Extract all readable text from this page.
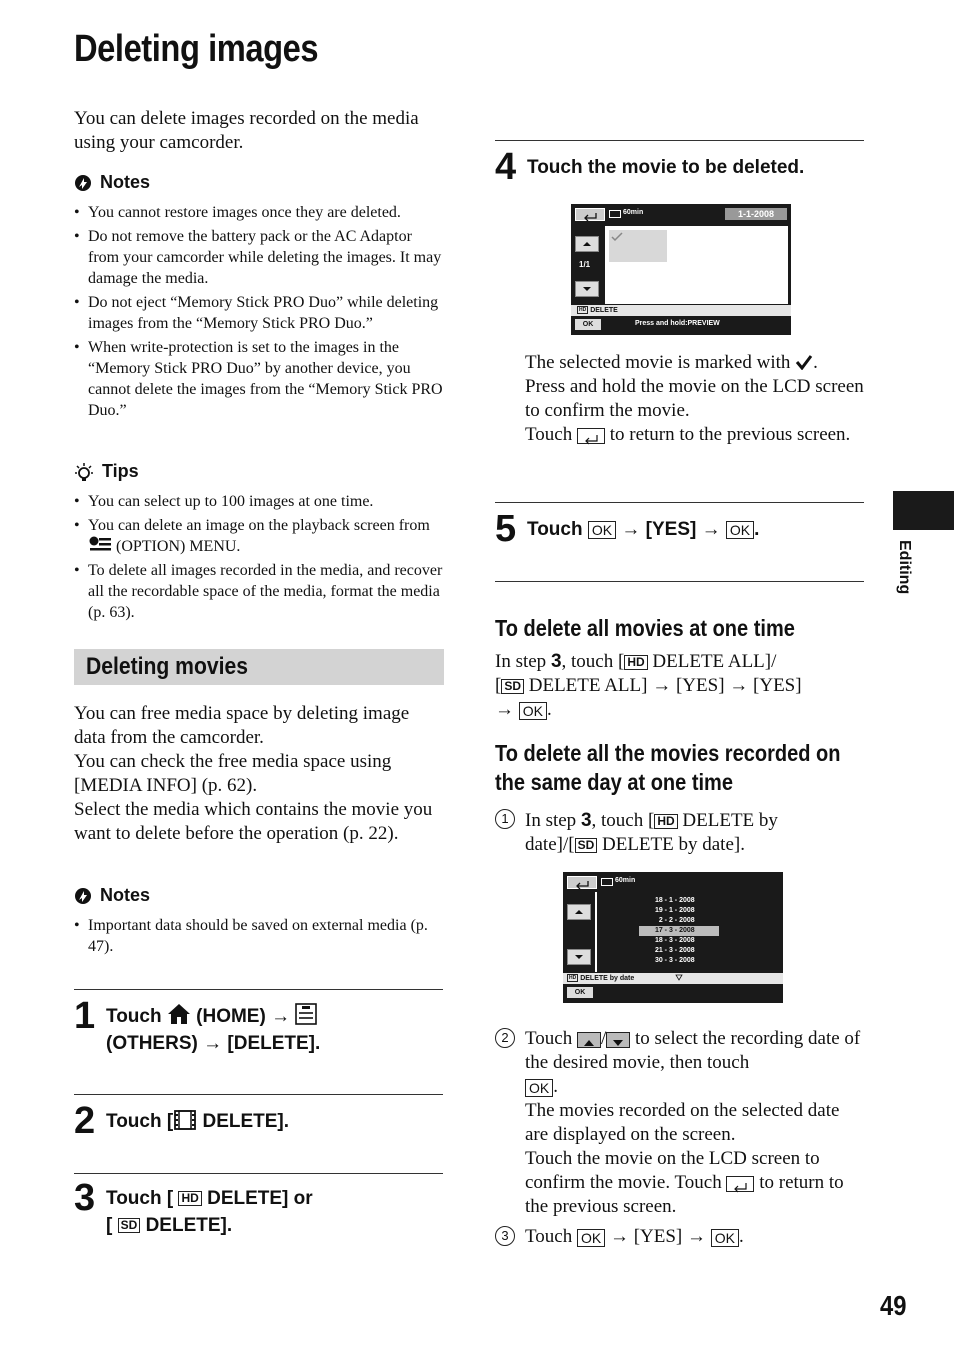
Deleting images
You can delete images recorded on the media using your camcorder.
Notes
• You cannot restore images once they are deleted.
• Do not remove the battery pack or the AC Adaptor from your camcorder while deleting the images. It may damage the media.
• Do not eject “Memory Stick PRO Duo” while deleting images from the “Memory Stick PRO Duo.”
• When write-protection is set to the images in the “Memory Stick PRO Duo” by another device, you cannot delete the images from the “Memory Stick PRO Duo.”
Tips
• You can select up to 100 images at one time.
• You can delete an image on the playback screen from  (OPTION) MENU.
• To delete all images recorded in the media, and recover all the recordable space of the media, format the media (p. 63).
Deleting movies
You can free media space by deleting image data from the camcorder.
You can check the free media space using [MEDIA INFO] (p. 62).
Select the media which contains the movie you want to delete before the operation (p. 22).
Notes
• Important data should be saved on external media (p. 47).
1 Touch (HOME) →
(OTHERS) → [DELETE].
2 Touch [ DELETE].
3 Touch [ HD DELETE] or
[ SD DELETE].
4 Touch the movie to be deleted.
60min	1-1-2008
1/1
HD DELETE
OK	Press and hold:PREVIEW
The selected movie is marked with .
Press and hold the movie on the LCD screen to confirm the movie.
Touch to return to the previous screen.
5 Touch OK → [YES] → OK .
To delete all movies at one time
In step 3, touch [ HD DELETE ALL]/
[ SD DELETE ALL] → [YES] → [YES]
→ OK .
To delete all the movies recorded on
the same day at one time
1 In step 3, touch [ HD DELETE by
date]/[ SD DELETE by date].
60min
18 - 1 - 2008
19 - 1 - 2008
2 - 2 - 2008
17 - 3 - 2008
18 - 3 - 2008
21 - 3 - 2008
30 - 3 - 2008
HD DELETE by date
OK
2 Touch / to select the recording date of the desired movie, then touch
OK .
The movies recorded on the selected date are displayed on the screen.
Touch the movie on the LCD screen to confirm the movie. Touch to return to the previous screen.
3 Touch OK → [YES] → OK .
Editing
49
